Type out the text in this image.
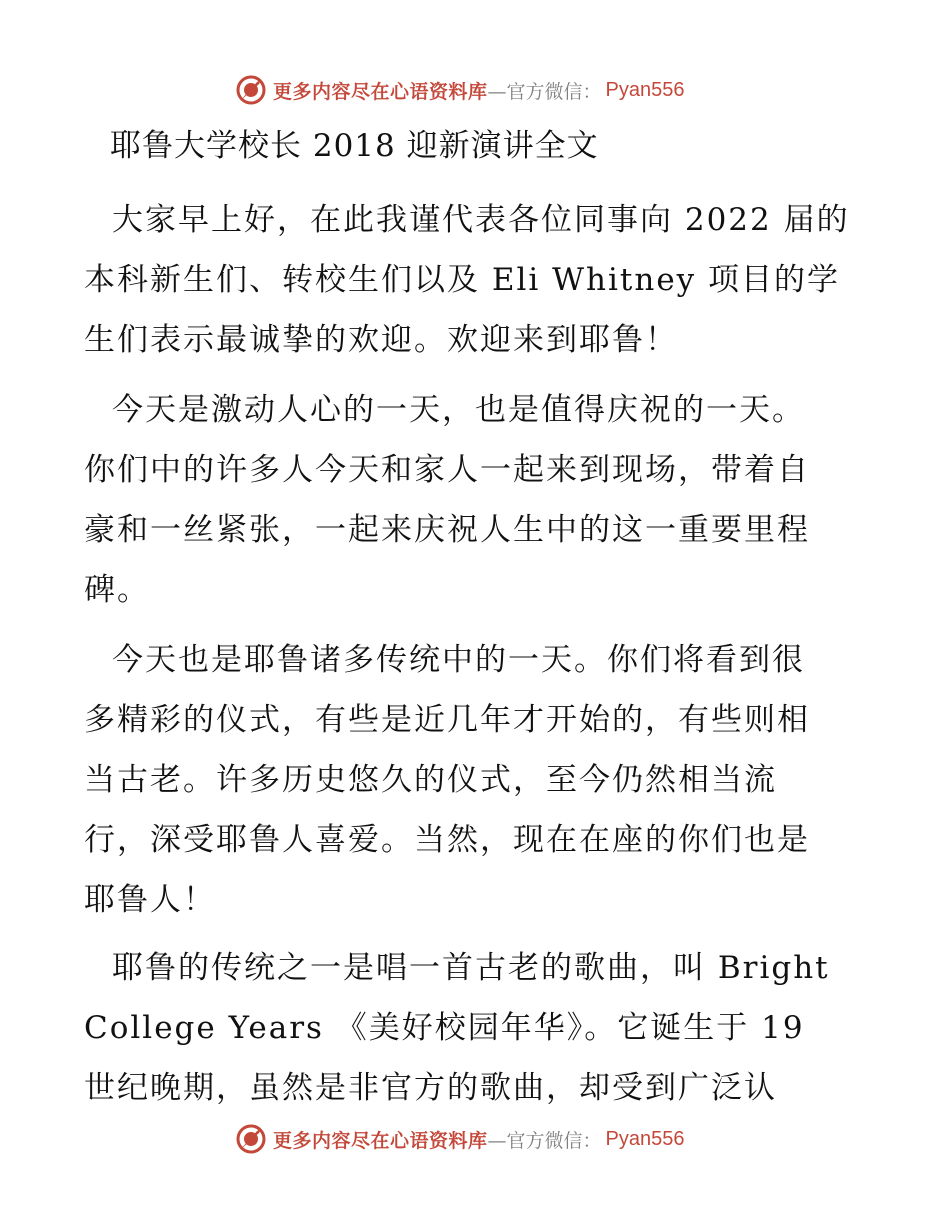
更多内容尽在心语资料库 —官方微信： Pyan556
耶鲁大学校长 2018 迎新演讲全文

大家早上好，在此我谨代表各位同事向 2022 届的
本科新生们、转校生们以及 Eli Whitney 项目的学
生们表示最诚挚的欢迎。欢迎来到耶鲁！

今天是激动人心的一天，也是值得庆祝的一天。
你们中的许多人今天和家人一起来到现场，带着自
豪和一丝紧张，一起来庆祝人生中的这一重要里程
碑。

今天也是耶鲁诸多传统中的一天。你们将看到很
多精彩的仪式，有些是近几年才开始的，有些则相
当古老。许多历史悠久的仪式，至今仍然相当流
行，深受耶鲁人喜爱。当然，现在在座的你们也是
耶鲁人！

耶鲁的传统之一是唱一首古老的歌曲，叫 Bright
College Years 《美好校园年华》。它诞生于 19
世纪晚期，虽然是非官方的歌曲，却受到广泛认

更多内容尽在心语资料库 —官方微信： Pyan556
